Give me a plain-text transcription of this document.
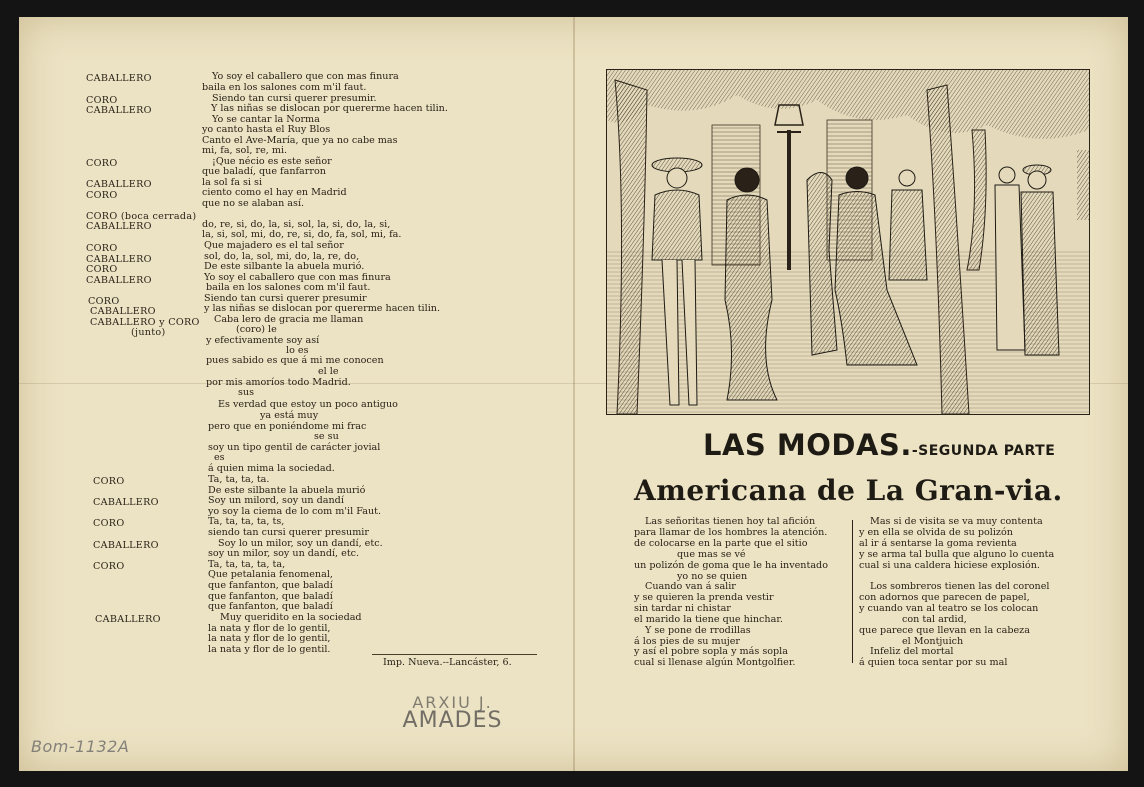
CABALLERO
CORO
CABALLERO
CORO
CABALLERO
CORO
CORO (boca cerrada)
CABALLERO
CORO
CABALLERO
CORO
CABALLERO
CORO
CABALLERO
CABALLERO y CORO
(junto)
CORO
CABALLERO
CORO
CABALLERO
CORO
CABALLERO
Yo soy el caballero que con mas finura
baila en los salones com m'il faut.
Siendo tan cursi querer presumir.
Y las niñas se dislocan por quererme hacen tilin.
Yo se cantar la Norma
yo canto hasta el Ruy Blos
Canto el Ave-María, que ya no cabe mas
mi, fa, sol, re, mi.
¡Que nécio es este señor
que baladí, que fanfarron
la sol fa si si
ciento como el hay en Madrid
que no se alaban así.
do, re, si, do, la, si, sol, la, si, do, la, si,
la, si, sol, mi, do, re, si, do, fa, sol, mi, fa.
Que majadero es el tal señor
sol, do, la, sol, mi, do, la, re, do,
De este silbante la abuela murió.
Yo soy el caballero que con mas finura
baila en los salones com m'il faut.
Siendo tan cursi querer presumir
y las niñas se dislocan por quererme hacen tilin.
Caba lero de gracia me llaman
(coro) le
y efectivamente soy así
lo es
pues sabido es que á mi me conocen
el le
por mis amoríos todo Madrid.
sus
Es verdad que estoy un poco antiguo
ya está muy
pero que en poniéndome mi frac
se su
soy un tipo gentil de carácter jovial
es
á quien mima la sociedad.
Ta, ta, ta, ta.
De este silbante la abuela murió
Soy un milord, soy un dandí
yo soy la ciema de lo com m'il Faut.
Ta, ta, ta, ta, ts,
siendo tan cursi querer presumir
Soy lo un milor, soy un dandí, etc.
soy un milor, soy un dandí, etc.
Ta, ta, ta, ta, ta,
Que petalania fenomenal,
que fanfanton, que baladí
que fanfanton, que baladí
que fanfanton, que baladí
Muy queridito en la sociedad
la nata y flor de lo gentil,
la nata y flor de lo gentil,
la nata y flor de lo gentil.
Imp. Nueva.--Lancáster, 6.
ARXIU J.
AMADES
Bom-1132A
LAS MODAS.-SEGUNDA PARTE
Americana de La Gran-via.
Las señoritas tienen hoy tal afición
para llamar de los hombres la atención.
de colocarse en la parte que el sitio
que mas se vé
un polizón de goma que le ha inventado
yo no se quien
Cuando van á salir
y se quieren la prenda vestir
sin tardar ni chistar
el marido la tiene que hinchar.
Y se pone de rrodillas
á los pies de su mujer
y así el pobre sopla y más sopla
cual si llenase algún Montgolfier.
Mas si de visita se va muy contenta
y en ella se olvida de su polizón
al ir á sentarse la goma revienta
y se arma tal bulla que alguno lo cuenta
cual si una caldera hiciese explosión.
Los sombreros tienen las del coronel
con adornos que parecen de papel,
y cuando van al teatro se los colocan
con tal ardid,
que parece que llevan en la cabeza
el Montjuich
Infeliz del mortal
á quien toca sentar por su mal
